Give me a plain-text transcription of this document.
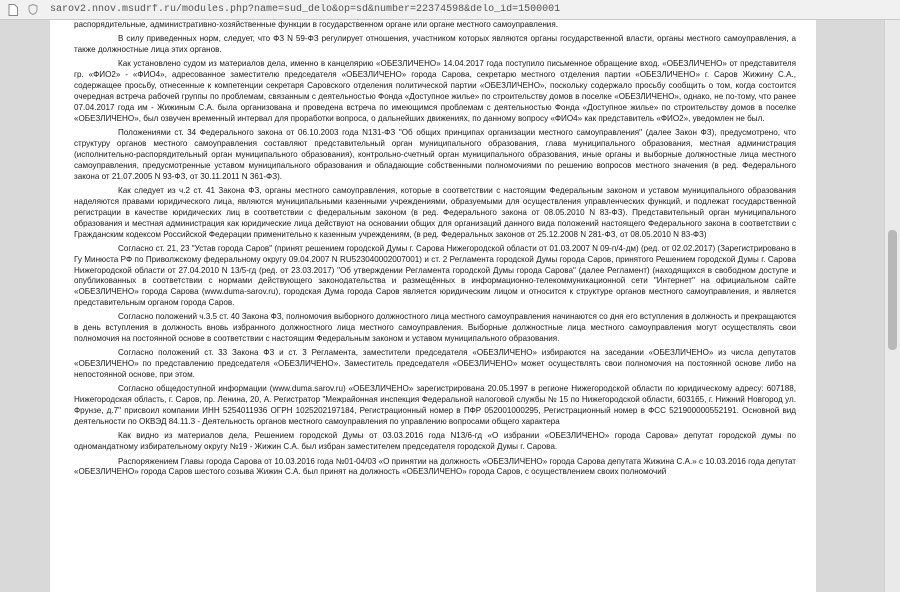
sarov2.nnov.msudrf.ru/modules.php?name=sud_delo&op=sd&number=22374598&delo_id=1500001

распорядительные, административно-хозяйственные функции в государственном органе или органе местного самоуправления.

В силу приведенных норм, следует, что ФЗ N 59-ФЗ регулирует отношения, участником которых являются органы государственной власти, органы местного самоуправления, а также должностные лица этих органов.

Как установлено судом из материалов дела, именно в канцелярию «ОБЕЗЛИЧЕНО» 14.04.2017 года поступило письменное обращение вход. «ОБЕЗЛИЧЕНО» от представителя гр. «ФИО2» - «ФИО4», адресованное заместителю председателя «ОБЕЗЛИЧЕНО» города Сарова, секретарю местного отделения партии «ОБЕЗЛИЧЕНО» г. Саров Жижину С.А., содержащее просьбу, отнесенные к компетенции секретаря Саровского отделения политической партии «ОБЕЗЛИЧЕНО», поскольку содержало просьбу сообщить о том, когда состоится очередная встреча рабочей группы по проблемам, связанным с деятельностью Фонда «Доступное жилье» по строительству домов в поселке «ОБЕЗЛИЧЕНО», однако, не по-тому, что ранее 07.04.2017 года им - Жижиным С.А. была организована и проведена встреча по имеющимся проблемам с деятельностью Фонда «Доступное жилье» по строительству домов в поселке «ОБЕЗЛИЧЕНО», был озвучен временный интервал для проработки вопроса, о дальнейших движениях, по данному вопросу «ФИО4» как представитель «ФИО2», уведомлен не был.

Положениями ст. 34 Федерального закона от 06.10.2003 года N131-ФЗ "Об общих принципах организации местного самоуправления" (далее Закон ФЗ), предусмотрено, что структуру органов местного самоуправления составляют представительный орган муниципального образования, глава муниципального образования, местная администрация (исполнительно-распорядительный орган муниципального образования), контрольно-счетный орган муниципального образования, иные органы и выборные должностные лица местного самоуправления, предусмотренные уставом муниципального образования и обладающие собственными полномочиями по решению вопросов местного значения (в ред. Федерального закона от 21.07.2005 N 93-ФЗ, от 30.11.2011 N 361-ФЗ).

Как следует из ч.2 ст. 41 Закона ФЗ, органы местного самоуправления, которые в соответствии с настоящим Федеральным законом и уставом муниципального образования наделяются правами юридического лица, являются муниципальными казенными учреждениями, образуемыми для осуществления управленческих функций, и подлежат государственной регистрации в качестве юридических лиц в соответствии с федеральным законом (в ред. Федерального закона от 08.05.2010 N 83-ФЗ). Представительный орган муниципального образования и местная администрация как юридические лица действуют на основании общих для организаций данного вида положений настоящего Федерального закона в соответствии с Гражданским кодексом Российской Федерации применительно к казенным учреждениям, (в ред. Федеральных законов от 25.12.2008 N 281-ФЗ, от 08.05.2010 N 83-ФЗ)

Согласно ст. 21, 23 "Устав города Саров" (принят решением городской Думы г. Сарова Нижегородской области от 01.03.2007 N 09-п/4-дм) (ред. от 02.02.2017) (Зарегистрировано в Гу Минюста РФ по Приволжскому федеральному округу 09.04.2007 N RU523040002007001) и ст. 2 Регламента городской Думы города Саров, принятого Решением городской Думы г. Сарова Нижегородской области от 27.04.2010 N 13/5-гд (ред. от 23.03.2017) "Об утверждении Регламента городской Думы города Сарова" (далее Регламент) (находящихся в свободном доступе и опубликованных в соответствии с нормами действующего законодательства и размещённых в информационно-телекоммуникационной сети "Интернет" на официальном сайте «ОБЕЗЛИЧЕНО» города Сарова (www.duma-sarov.ru), городская Дума города Саров является юридическим лицом и относится к структуре органов местного самоуправления, и является представительным органом города Саров.

Согласно положений ч.3.5 ст. 40 Закона ФЗ, полномочия выборного должностного лица местного самоуправления начинаются со дня его вступления в должность и прекращаются в день вступления в должность вновь избранного должностного лица местного самоуправления. Выборные должностные лица местного самоуправления могут осуществлять свои полномочия на постоянной основе в соответствии с настоящим Федеральным законом и уставом муниципального образования.

Согласно положений ст. 33 Закона ФЗ и ст. 3 Регламента, заместители председателя «ОБЕЗЛИЧЕНО» избираются на заседании «ОБЕЗЛИЧЕНО» из числа депутатов «ОБЕЗЛИЧЕНО» по представлению председателя «ОБЕЗЛИЧЕНО». Заместитель председателя «ОБЕЗЛИЧЕНО» может осуществлять свои полномочия на постоянной основе либо на непостоянной основе, при этом.

Согласно общедоступной информации (www.duma.sarov.ru) «ОБЕЗЛИЧЕНО» зарегистрирована 20.05.1997 в регионе Нижегородской области по юридическому адресу: 607188, Нижегородская область, г. Саров, пр. Ленина, 20, А. Регистратор "Межрайонная инспекция Федеральной налоговой службы № 15 по Нижегородской области, 603165, г. Нижний Новгород ул. Фрунзе, д.7" присвоил компании ИНН 5254011936 ОГРН 1025202197184, Регистрационный номер в ПФР 052001000295, Регистрационный номер в ФСС 521900000552191. Основной вид деятельности по ОКВЭД 84.11.3 - Деятельность органов местного самоуправления по управлению вопросами общего характера

Как видно из материалов дела, Решением городской Думы от 03.03.2016 года N13/6-гд «О избрании «ОБЕЗЛИЧЕНО» города Сарова» депутат городской думы по одномандатному избирательному округу №19 - Жижин С.А. был избран заместителем председателя городской Думы г. Сарова.

Распоряжением Главы города Сарова от 10.03.2016 года №01-04/03 «О принятии на должность «ОБЕЗЛИЧЕНО» города Сарова депутата Жижина С.А.» с 10.03.2016 года депутат «ОБЕЗЛИЧЕНО» города Саров шестого созыва Жижин С.А. был принят на должность «ОБЕЗЛИЧЕНО» города Саров, с осуществлением своих полномочий
